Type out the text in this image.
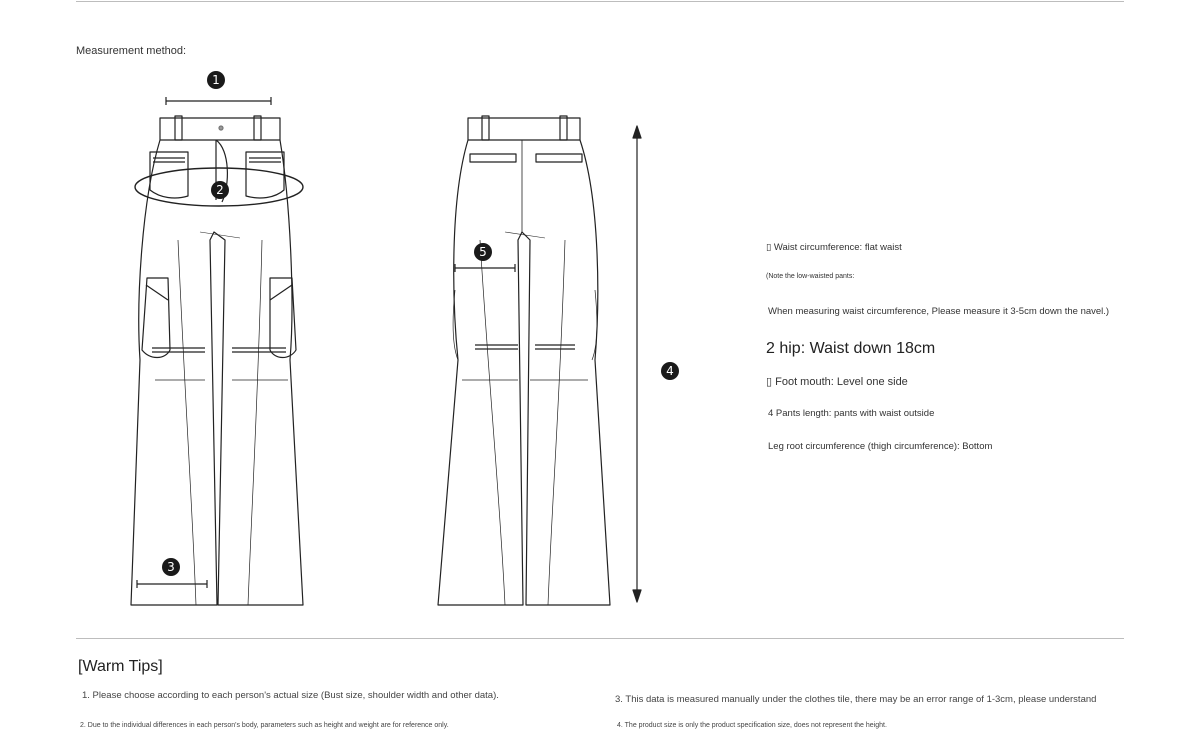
Measurement method:
1
2
3
4
5	▯ Waist circumference: flat waist
(Note the low-waisted pants:
When measuring waist circumference, Please measure it 3-5cm down the navel.)
2 hip: Waist down 18cm
▯ Foot mouth: Level one side
4 Pants length: pants with waist outside
Leg root circumference (thigh circumference): Bottom
[Warm Tips]
1. Please choose according to each person's actual size (Bust size, shoulder width and other data).
2. Due to the individual differences in each person's body, parameters such as height and weight are for reference only.
3. This data is measured manually under the clothes tile, there may be an error range of 1-3cm, please understand
4. The product size is only the product specification size, does not represent the height.
